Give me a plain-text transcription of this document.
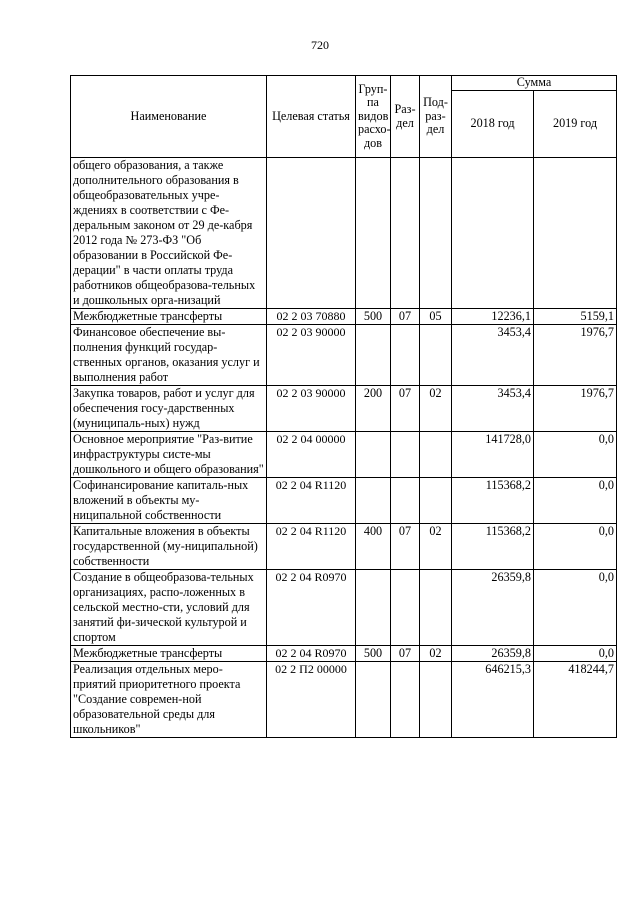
720
Наименование	Целевая статья	Груп-па видов расхо-дов	Раз-дел	Под-раз-дел	Сумма	
					2018 год	2019 год
общего образования, а также дополнительного образования в общеобразовательных учре-ждениях в соответствии с Фе-деральным законом от 29 де-кабря 2012 года № 273-ФЗ "Об образовании в Российской Фе-дерации" в части оплаты труда работников общеобразова-тельных и дошкольных орга-низаций						
Межбюджетные трансферты	02 2 03 70880	500	07	05	12236,1	5159,1
Финансовое обеспечение вы-полнения функций государ-ственных органов, оказания услуг и выполнения работ	02 2 03 90000				3453,4	1976,7
Закупка товаров, работ и услуг для обеспечения госу-дарственных (муниципаль-ных) нужд	02 2 03 90000	200	07	02	3453,4	1976,7
Основное мероприятие "Раз-витие инфраструктуры систе-мы дошкольного и общего образования"	02 2 04 00000				141728,0	0,0
Софинансирование капиталь-ных вложений в объекты му-ниципальной собственности	02 2 04 R1120				115368,2	0,0
Капитальные вложения в объекты государственной (му-ниципальной) собственности	02 2 04 R1120	400	07	02	115368,2	0,0
Создание в общеобразова-тельных организациях, распо-ложенных в сельской местно-сти, условий для занятий фи-зической культурой и спортом	02 2 04 R0970				26359,8	0,0
Межбюджетные трансферты	02 2 04 R0970	500	07	02	26359,8	0,0
Реализация отдельных меро-приятий приоритетного проекта "Создание современ-ной образовательной среды для школьников"	02 2 П2 00000				646215,3	418244,7
